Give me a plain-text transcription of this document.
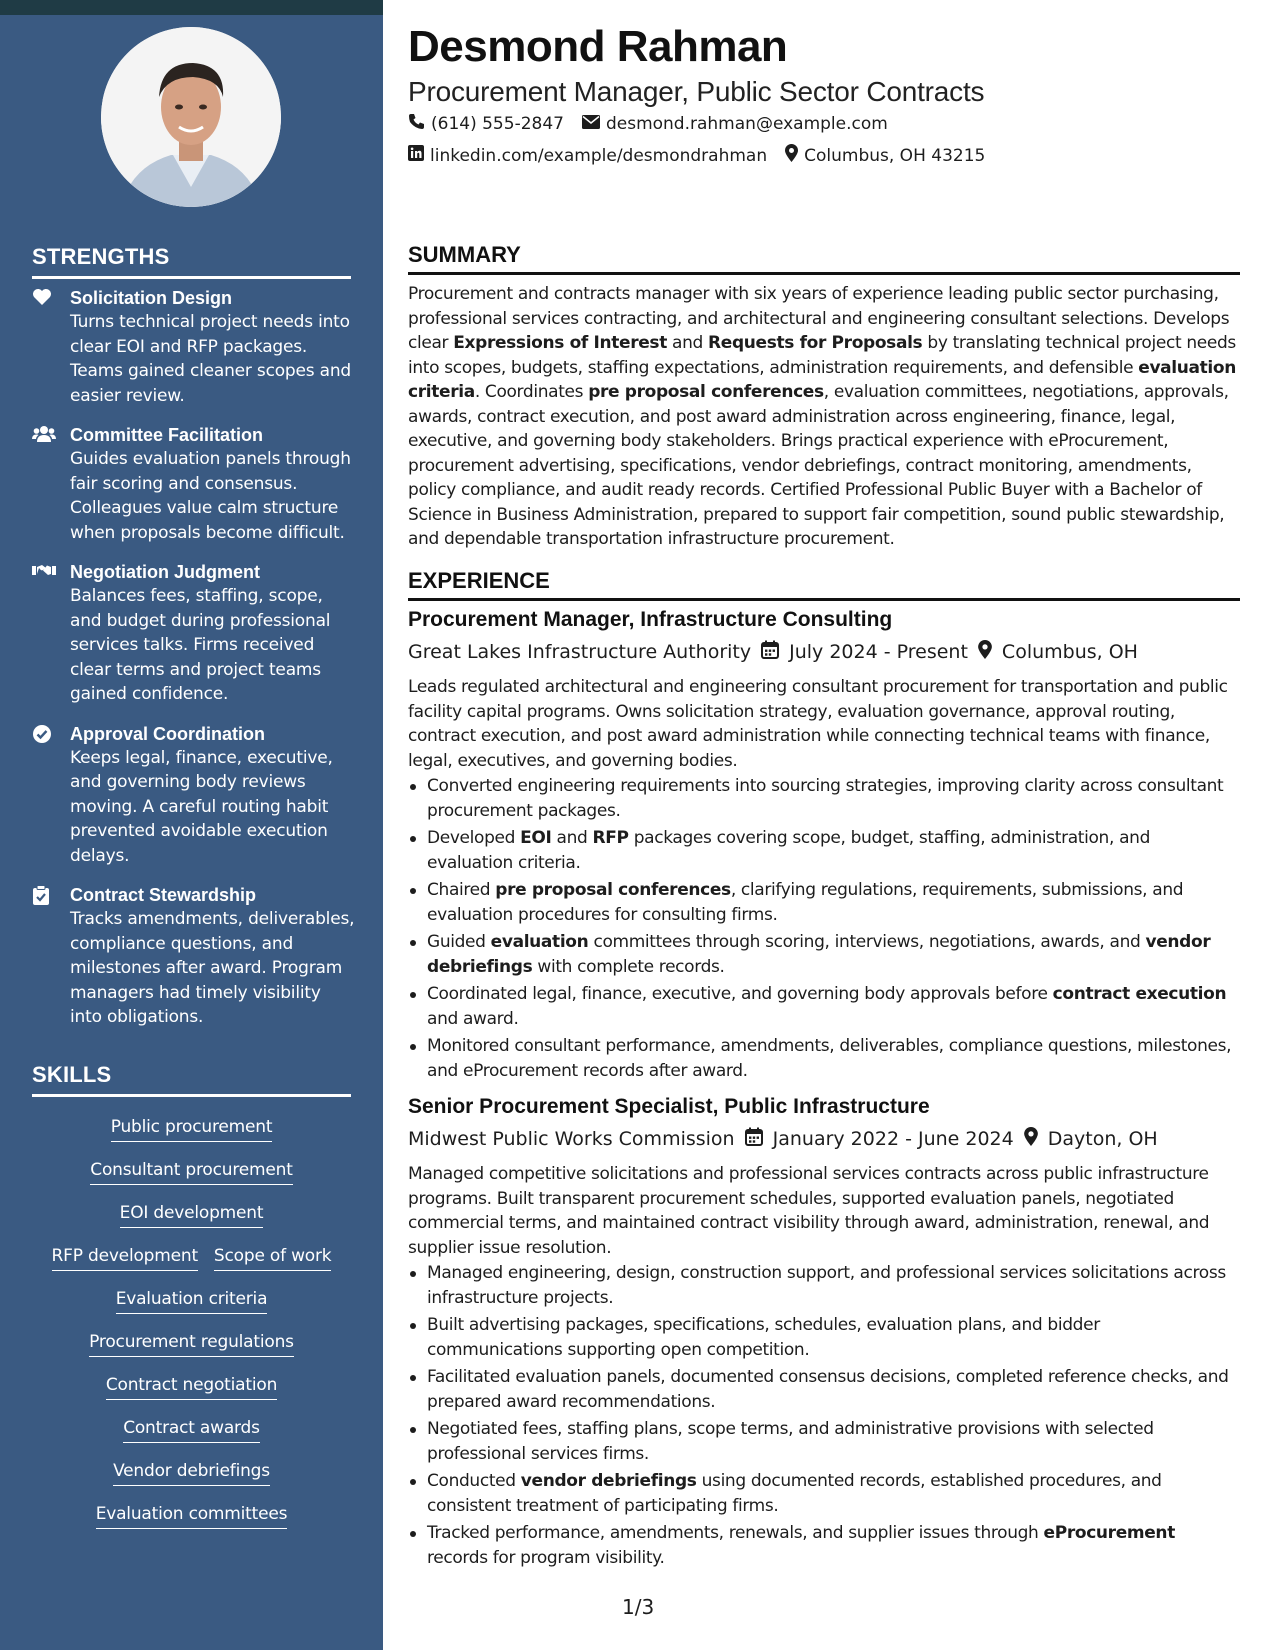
STRENGTHS
Solicitation Design
Turns technical project needs into clear EOI and RFP packages. Teams gained cleaner scopes and easier review.
Committee Facilitation
Guides evaluation panels through fair scoring and consensus. Colleagues value calm structure when proposals become difficult.
Negotiation Judgment
Balances fees, staffing, scope, and budget during professional services talks. Firms received clear terms and project teams gained confidence.
Approval Coordination
Keeps legal, finance, executive, and governing body reviews moving. A careful routing habit prevented avoidable execution delays.
Contract Stewardship
Tracks amendments, deliverables, compliance questions, and milestones after award. Program managers had timely visibility into obligations.
SKILLS
Public procurement
Consultant procurement
EOI development
RFP development Scope of work
Evaluation criteria
Procurement regulations
Contract negotiation
Contract awards
Vendor debriefings
Evaluation committees
Desmond Rahman
Procurement Manager, Public Sector Contracts
(614) 555-2847 desmond.rahman@example.com
linkedin.com/example/desmondrahman Columbus, OH 43215
SUMMARY
Procurement and contracts manager with six years of experience leading public sector purchasing, professional services contracting, and architectural and engineering consultant selections. Develops clear Expressions of Interest and Requests for Proposals by translating technical project needs into scopes, budgets, staffing expectations, administration requirements, and defensible evaluation criteria. Coordinates pre proposal conferences, evaluation committees, negotiations, approvals, awards, contract execution, and post award administration across engineering, finance, legal, executive, and governing body stakeholders. Brings practical experience with eProcurement, procurement advertising, specifications, vendor debriefings, contract monitoring, amendments, policy compliance, and audit ready records. Certified Professional Public Buyer with a Bachelor of Science in Business Administration, prepared to support fair competition, sound public stewardship, and dependable transportation infrastructure procurement.
EXPERIENCE
Procurement Manager, Infrastructure Consulting
Great Lakes Infrastructure Authority July 2024 - Present Columbus, OH
Leads regulated architectural and engineering consultant procurement for transportation and public facility capital programs. Owns solicitation strategy, evaluation governance, approval routing, contract execution, and post award administration while connecting technical teams with finance, legal, executives, and governing bodies.
Converted engineering requirements into sourcing strategies, improving clarity across consultant procurement packages.
Developed EOI and RFP packages covering scope, budget, staffing, administration, and evaluation criteria.
Chaired pre proposal conferences, clarifying regulations, requirements, submissions, and evaluation procedures for consulting firms.
Guided evaluation committees through scoring, interviews, negotiations, awards, and vendor debriefings with complete records.
Coordinated legal, finance, executive, and governing body approvals before contract execution and award.
Monitored consultant performance, amendments, deliverables, compliance questions, milestones, and eProcurement records after award.
Senior Procurement Specialist, Public Infrastructure
Midwest Public Works Commission January 2022 - June 2024 Dayton, OH
Managed competitive solicitations and professional services contracts across public infrastructure programs. Built transparent procurement schedules, supported evaluation panels, negotiated commercial terms, and maintained contract visibility through award, administration, renewal, and supplier issue resolution.
Managed engineering, design, construction support, and professional services solicitations across infrastructure projects.
Built advertising packages, specifications, schedules, evaluation plans, and bidder communications supporting open competition.
Facilitated evaluation panels, documented consensus decisions, completed reference checks, and prepared award recommendations.
Negotiated fees, staffing plans, scope terms, and administrative provisions with selected professional services firms.
Conducted vendor debriefings using documented records, established procedures, and consistent treatment of participating firms.
Tracked performance, amendments, renewals, and supplier issues through eProcurement records for program visibility.
1/3
